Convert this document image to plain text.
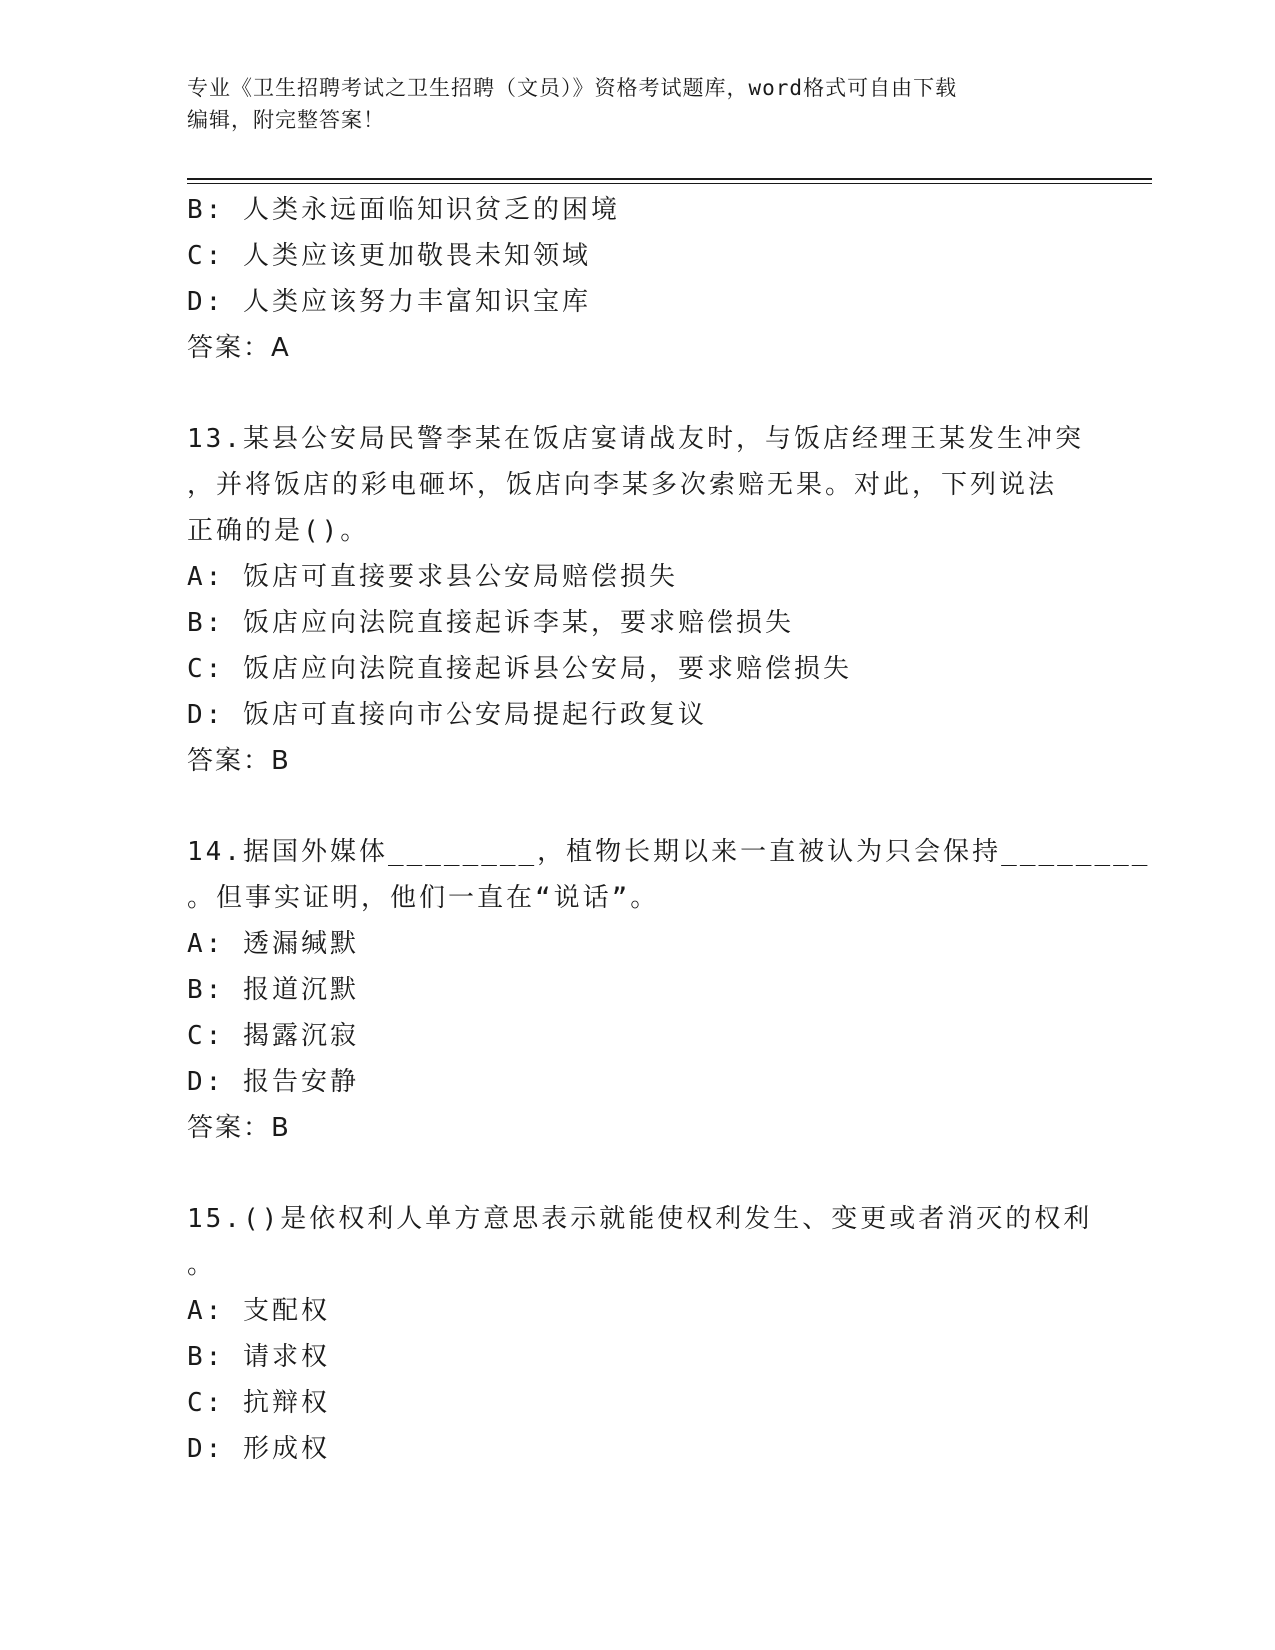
专业《卫生招聘考试之卫生招聘（文员）》资格考试题库，word格式可自由下载
编辑，附完整答案！
B: 人类永远面临知识贫乏的困境
C: 人类应该更加敬畏未知领域
D: 人类应该努力丰富知识宝库
答案：A
13.某县公安局民警李某在饭店宴请战友时，与饭店经理王某发生冲突
，并将饭店的彩电砸坏，饭店向李某多次索赔无果。对此，下列说法
正确的是()。
A: 饭店可直接要求县公安局赔偿损失
B: 饭店应向法院直接起诉李某，要求赔偿损失
C: 饭店应向法院直接起诉县公安局，要求赔偿损失
D: 饭店可直接向市公安局提起行政复议
答案：B
14.据国外媒体________，植物长期以来一直被认为只会保持________
。但事实证明，他们一直在“说话”。
A: 透漏缄默
B: 报道沉默
C: 揭露沉寂
D: 报告安静
答案：B
15.()是依权利人单方意思表示就能使权利发生、变更或者消灭的权利
。
A: 支配权
B: 请求权
C: 抗辩权
D: 形成权
